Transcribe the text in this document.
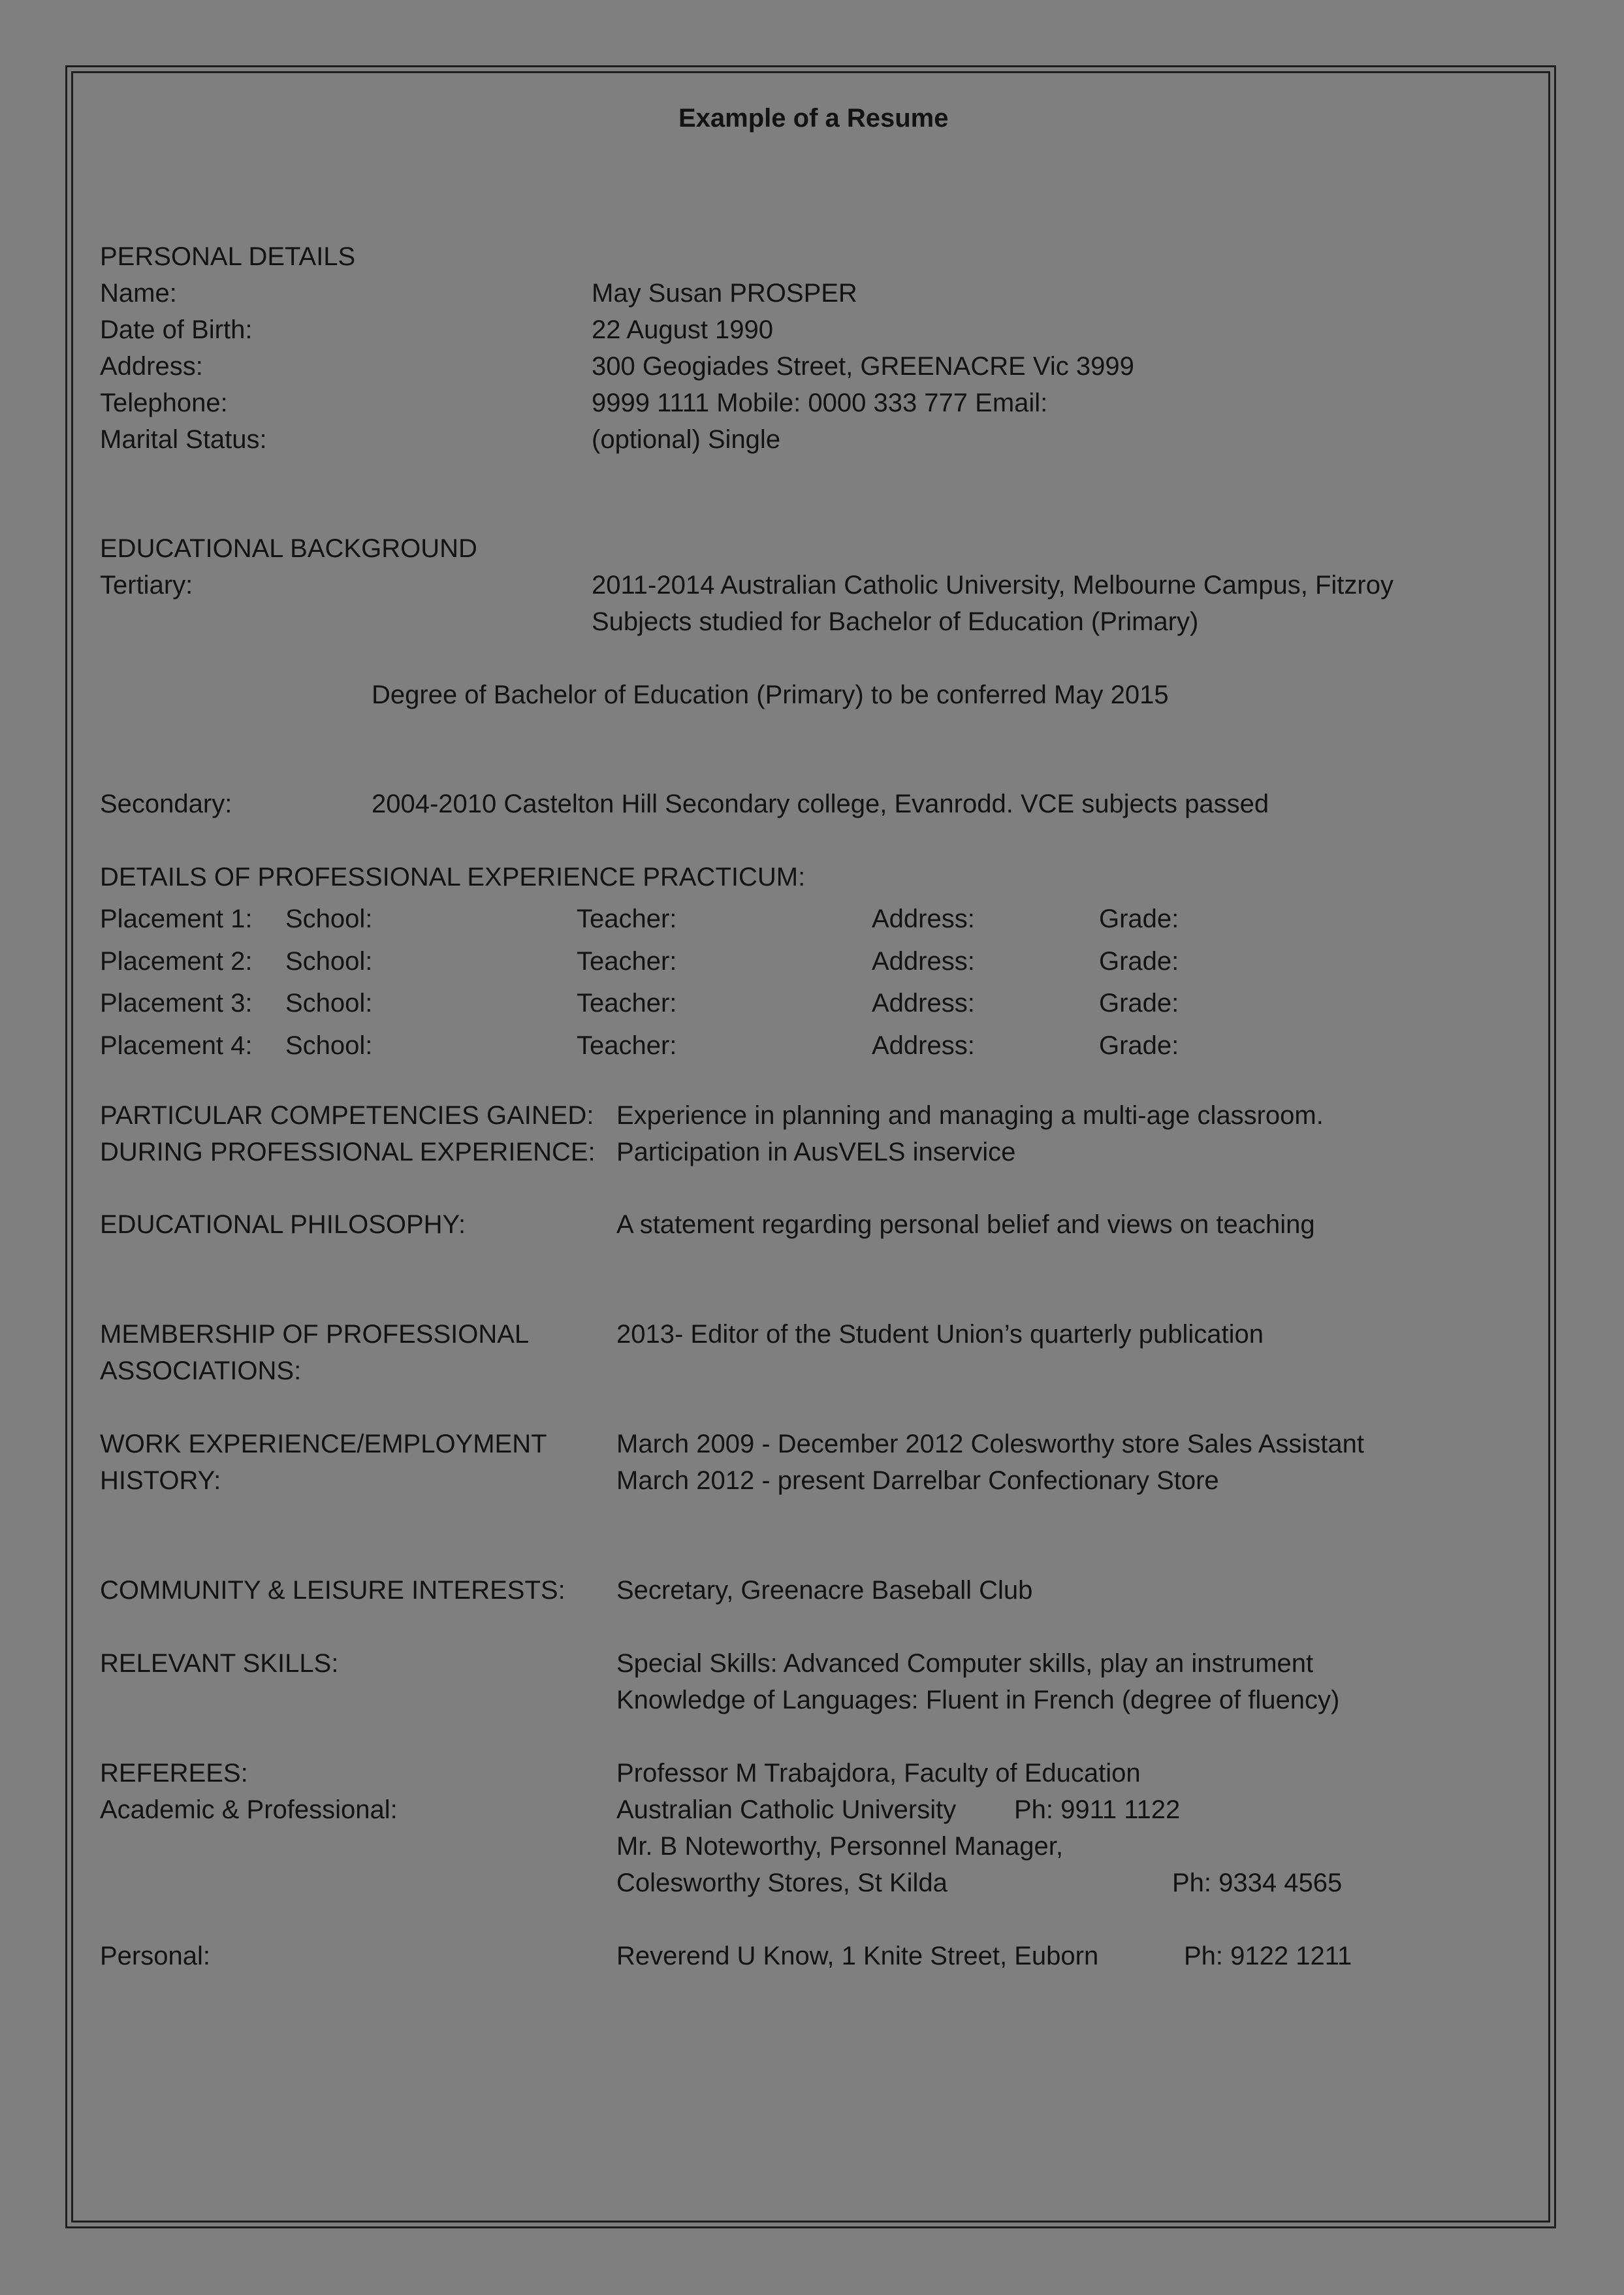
Example of a Resume
PERSONAL DETAILS
Name:	May Susan PROSPER
Date of Birth:	22 August 1990
Address:	300 Geogiades Street, GREENACRE Vic 3999
Telephone:	9999 1111 Mobile: 0000 333 777 Email:
Marital Status:	(optional) Single
EDUCATIONAL BACKGROUND
Tertiary:	2011-2014 Australian Catholic University, Melbourne Campus, Fitzroy
Subjects studied for Bachelor of Education (Primary)
Degree of Bachelor of Education (Primary) to be conferred May 2015
Secondary:	2004-2010 Castelton Hill Secondary college, Evanrodd. VCE subjects passed
DETAILS OF PROFESSIONAL EXPERIENCE PRACTICUM:
Placement 1: School:	Teacher:	Address:	Grade:
Placement 2: School:	Teacher:	Address:	Grade:
Placement 3: School:	Teacher:	Address:	Grade:
Placement 4: School:	Teacher:	Address:	Grade:
PARTICULAR COMPETENCIES GAINED: Experience in planning and managing a multi-age classroom.
DURING PROFESSIONAL EXPERIENCE: Participation in AusVELS inservice
EDUCATIONAL PHILOSOPHY:	A statement regarding personal belief and views on teaching
MEMBERSHIP OF PROFESSIONAL	2013- Editor of the Student Union’s quarterly publication
ASSOCIATIONS:
WORK EXPERIENCE/EMPLOYMENT	March 2009 - December 2012 Colesworthy store Sales Assistant
HISTORY:	March 2012 - present Darrelbar Confectionary Store
COMMUNITY & LEISURE INTERESTS: Secretary, Greenacre Baseball Club
RELEVANT SKILLS:	Special Skills: Advanced Computer skills, play an instrument
Knowledge of Languages: Fluent in French (degree of fluency)
REFEREES:	Professor M Trabajdora, Faculty of Education
Academic & Professional:	Australian Catholic University Ph: 9911 1122
Mr. B Noteworthy, Personnel Manager,
Colesworthy Stores, St Kilda	Ph: 9334 4565
Personal:	Reverend U Know, 1 Knite Street, Euborn	Ph: 9122 1211
